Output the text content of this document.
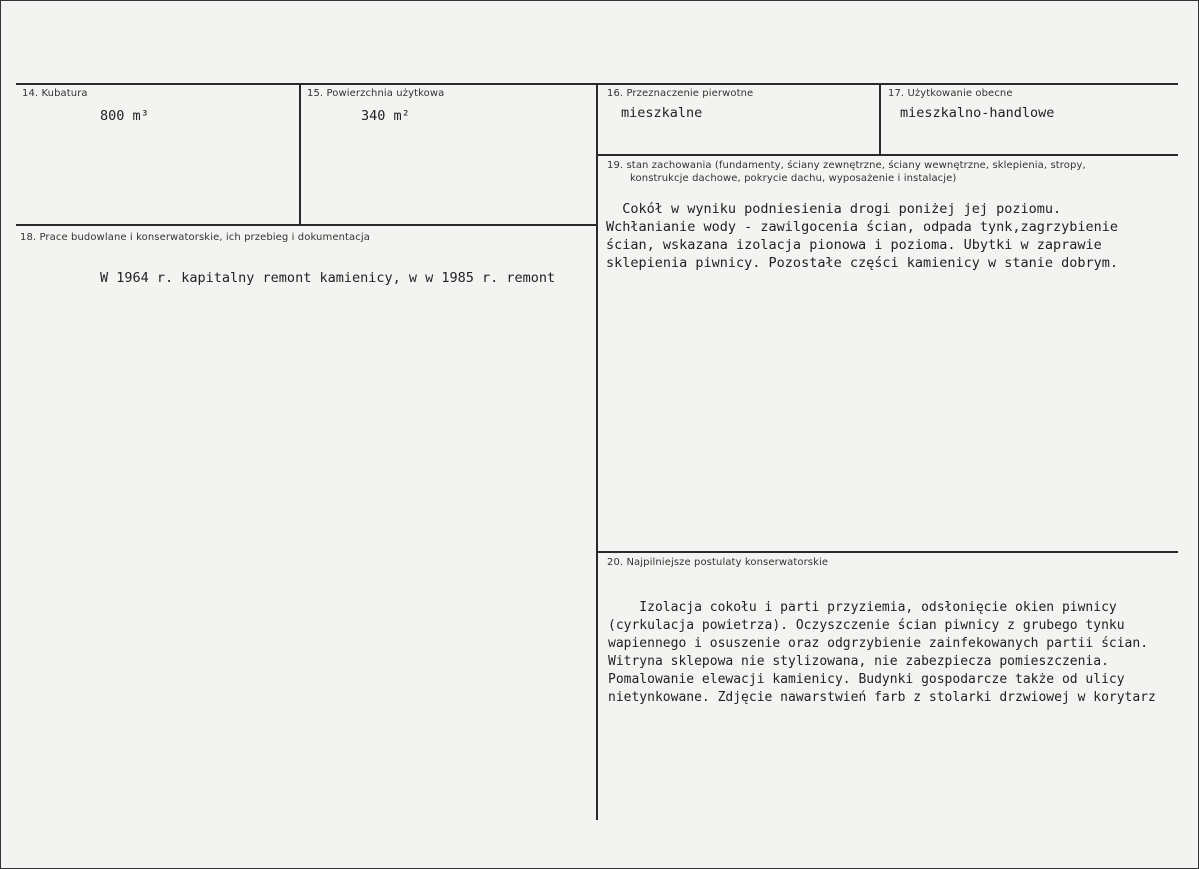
14. Kubatura
800 m³
15. Powierzchnia użytkowa
340 m²
16. Przeznaczenie pierwotne
mieszkalne
17. Użytkowanie obecne
mieszkalno-handlowe
18. Prace budowlane i konserwatorskie, ich przebieg i dokumentacja
W 1964 r. kapitalny remont kamienicy, w w 1985 r. remont
19. stan zachowania (fundamenty, ściany zewnętrzne, ściany wewnętrzne, sklepienia, stropy,
konstrukcje dachowe, pokrycie dachu, wyposażenie i instalacje)
Cokół w wyniku podniesienia drogi poniżej jej poziomu.
Wchłanianie wody - zawilgocenia ścian, odpada tynk,zagrzybienie
ścian, wskazana izolacja pionowa i pozioma. Ubytki w zaprawie
sklepienia piwnicy. Pozostałe części kamienicy w stanie dobrym.
20. Najpilniejsze postulaty konserwatorskie
Izolacja cokołu i parti przyziemia, odsłonięcie okien piwnicy
(cyrkulacja powietrza). Oczyszczenie ścian piwnicy z grubego tynku
wapiennego i osuszenie oraz odgrzybienie zainfekowanych partii ścian.
Witryna sklepowa nie stylizowana, nie zabezpiecza pomieszczenia.
Pomalowanie elewacji kamienicy. Budynki gospodarcze także od ulicy
nietynkowane. Zdjęcie nawarstwień farb z stolarki drzwiowej w korytarz
